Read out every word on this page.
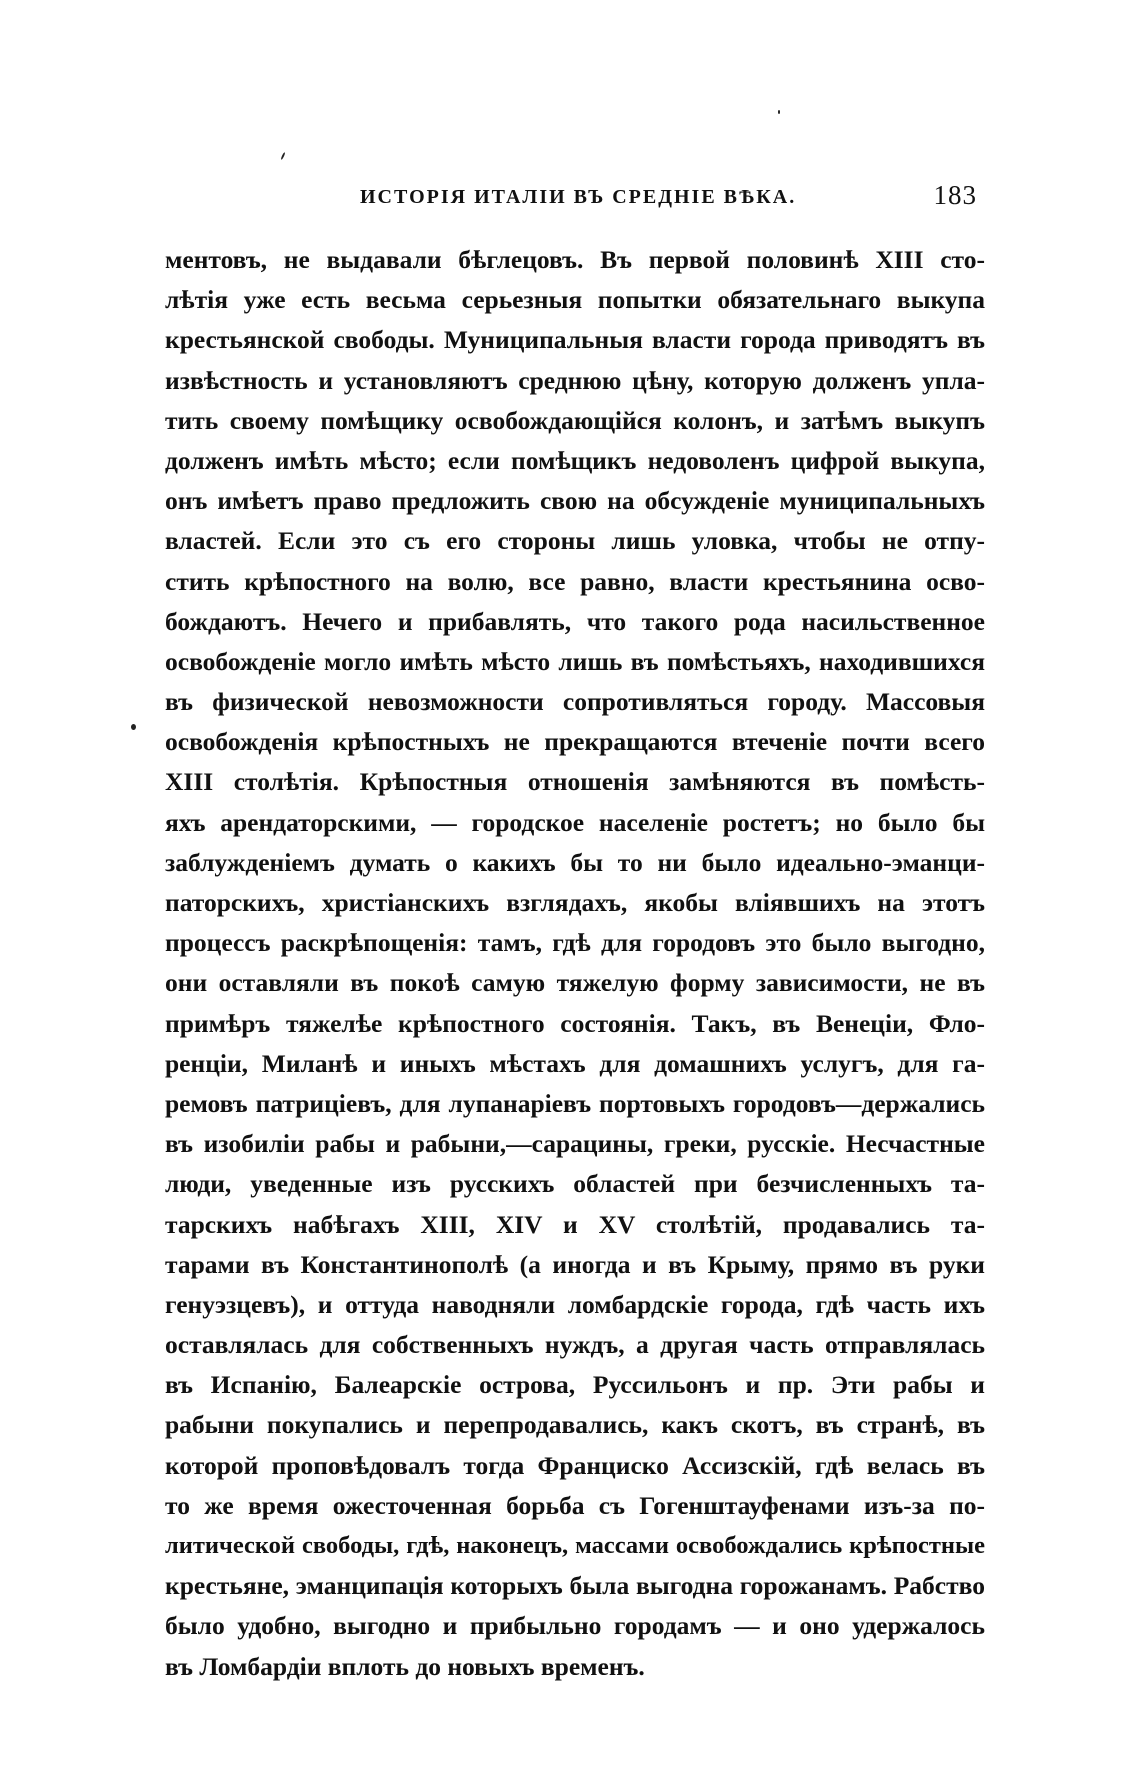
ИСТОРІЯ ИТАЛІИ ВЪ СРЕДНІЕ ВѢКА.	183
ментовъ, не выдавали бѣглецовъ. Въ первой половинѣ XIII сто-
лѣтія уже есть весьма серьезныя попытки обязательнаго выкупа
крестьянской свободы. Муниципальныя власти города приводятъ въ
извѣстность и установляютъ среднюю цѣну, которую долженъ упла-
тить своему помѣщику освобождающійся колонъ, и затѣмъ выкупъ
долженъ имѣть мѣсто; если помѣщикъ недоволенъ цифрой выкупа,
онъ имѣетъ право предложить свою на обсужденіе муниципальныхъ
властей. Если это съ его стороны лишь уловка, чтобы не отпу-
стить крѣпостного на волю, все равно, власти крестьянина осво-
бождаютъ. Нечего и прибавлять, что такого рода насильственное
освобожденіе могло имѣть мѣсто лишь въ помѣстьяхъ, находившихся
въ физической невозможности сопротивляться городу. Массовыя
освобожденія крѣпостныхъ не прекращаются втеченіе почти всего
XIII столѣтія. Крѣпостныя отношенія замѣняются въ помѣсть-
яхъ арендаторскими, — городское населеніе ростетъ; но было бы
заблужденіемъ думать о какихъ бы то ни было идеально-эманци-
паторскихъ, христіанскихъ взглядахъ, якобы вліявшихъ на этотъ
процессъ раскрѣпощенія: тамъ, гдѣ для городовъ это было выгодно,
они оставляли въ покоѣ самую тяжелую форму зависимости, не въ
примѣръ тяжелѣе крѣпостного состоянія. Такъ, въ Венеціи, Фло-
ренціи, Миланѣ и иныхъ мѣстахъ для домашнихъ услугъ, для га-
ремовъ патриціевъ, для лупанаріевъ портовыхъ городовъ—держались
въ изобиліи рабы и рабыни,—сарацины, греки, русскіе. Несчастные
люди, уведенные изъ русскихъ областей при безчисленныхъ та-
тарскихъ набѣгахъ XIII, XIV и XV столѣтій, продавались та-
тарами въ Константинополѣ (а иногда и въ Крыму, прямо въ руки
генуэзцевъ), и оттуда наводняли ломбардскіе города, гдѣ часть ихъ
оставлялась для собственныхъ нуждъ, а другая часть отправлялась
въ Испанію, Балеарскіе острова, Руссильонъ и пр. Эти рабы и
рабыни покупались и перепродавались, какъ скотъ, въ странѣ, въ
которой проповѣдовалъ тогда Франциско Ассизскій, гдѣ велась въ
то же время ожесточенная борьба съ Гогенштауфенами изъ-за по-
литической свободы, гдѣ, наконецъ, массами освобождались крѣпостные
крестьяне, эманципація которыхъ была выгодна горожанамъ. Рабство
было удобно, выгодно и прибыльно городамъ — и оно удержалось
въ Ломбардіи вплоть до новыхъ временъ.
